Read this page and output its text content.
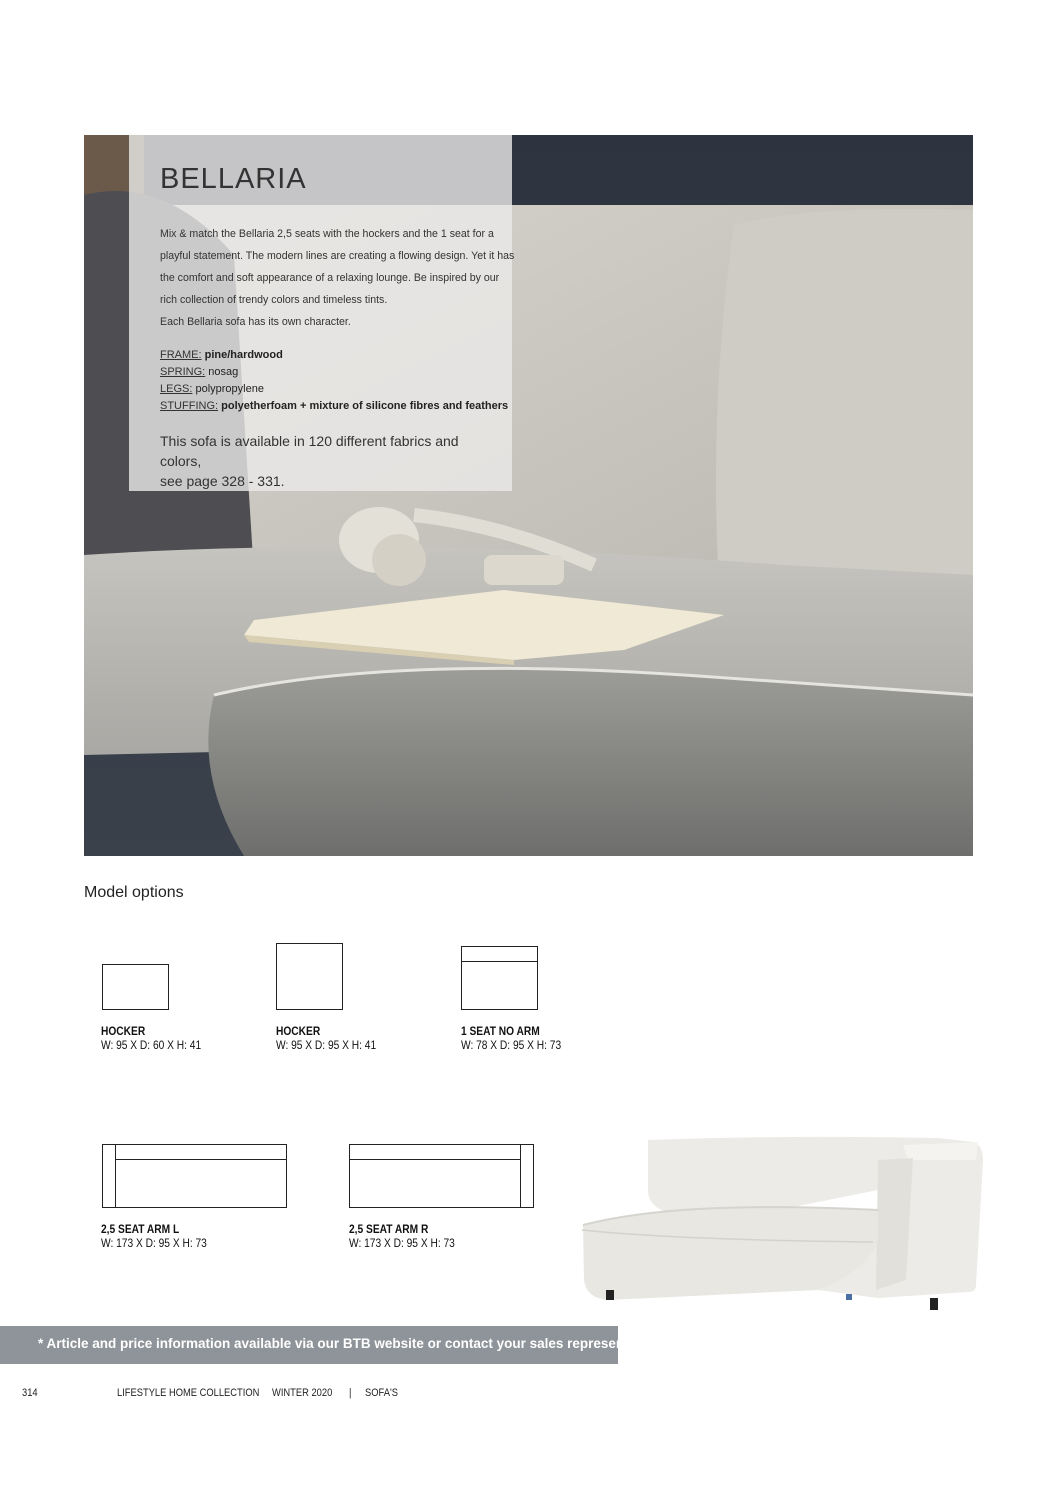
BELLARIA

Mix & match the Bellaria 2,5 seats with the hockers and the 1 seat for a

playful statement. The modern lines are creating a flowing design. Yet it has

the comfort and soft appearance of a relaxing lounge. Be inspired by our

rich collection of trendy colors and timeless tints.

Each Bellaria sofa has its own character.

FRAME: pine/hardwood
SPRING: nosag
LEGS: polypropylene
STUFFING: polyetherfoam + mixture of silicone fibres and feathers
This sofa is available in 120 different fabrics and colors,
see page 328 - 331.
Model options
HOCKER
W: 95 X D: 60 X H: 41
HOCKER
W: 95 X D: 95 X H: 41
1 SEAT NO ARM
W: 78 X D: 95 X H: 73
2,5 SEAT ARM L
W: 173 X D: 95 X H: 73
2,5 SEAT ARM R
W: 173 X D: 95 X H: 73
* Article and price information available via our BTB website or contact your sales representative.
314	LIFESTYLE HOME COLLECTION WINTER 2020 | SOFA'S
